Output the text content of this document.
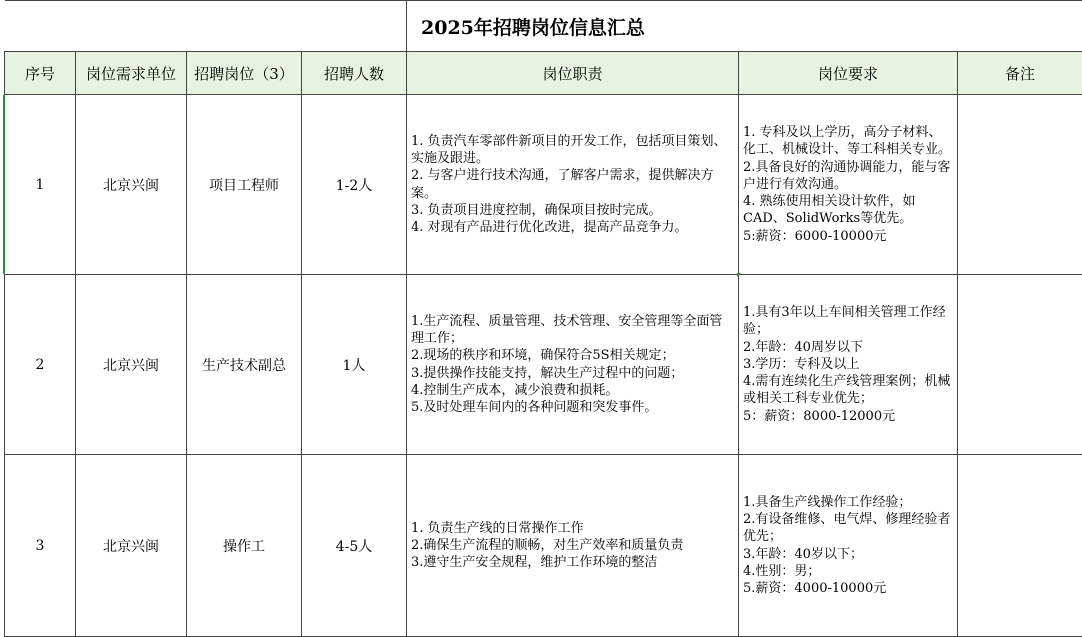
				2025年招聘岗位信息汇总		
序号	岗位需求单位	招聘岗位（3）	招聘人数	岗位职责	岗位要求	备注
1	北京兴闽	项目工程师	1-2人	1. 负责汽车零部件新项目的开发工作，包括项目策划、实施及跟进。
2. 与客户进行技术沟通，了解客户需求，提供解决方案。
3. 负责项目进度控制，确保项目按时完成。
4. 对现有产品进行优化改进，提高产品竞争力。	1. 专科及以上学历，高分子材料、化工、机械设计、等工科相关专业。
2.具备良好的沟通协调能力，能与客户进行有效沟通。
4. 熟练使用相关设计软件，如CAD、SolidWorks等优先。
5:薪资：6000-10000元	

2	北京兴闽	生产技术副总	1人	1.生产流程、质量管理、技术管理、安全管理等全面管理工作；
2.现场的秩序和环境，确保符合5S相关规定；
3.提供操作技能支持，解决生产过程中的问题；
4.控制生产成本，减少浪费和损耗。
5.及时处理车间内的各种问题和突发事件。	1.具有3年以上车间相关管理工作经验；
2.年龄：40周岁以下
3.学历：专科及以上
4.需有连续化生产线管理案例；机械或相关工科专业优先；
5：薪资：8000-12000元	

3	北京兴闽	操作工	4-5人	1. 负责生产线的日常操作工作
2.确保生产流程的顺畅，对生产效率和质量负责
3.遵守生产安全规程，维护工作环境的整洁	1.具备生产线操作工作经验；
2.有设备维修、电气焊、修理经验者优先；
3.年龄：40岁以下；
4.性别：男；
5.薪资：4000-10000元	
